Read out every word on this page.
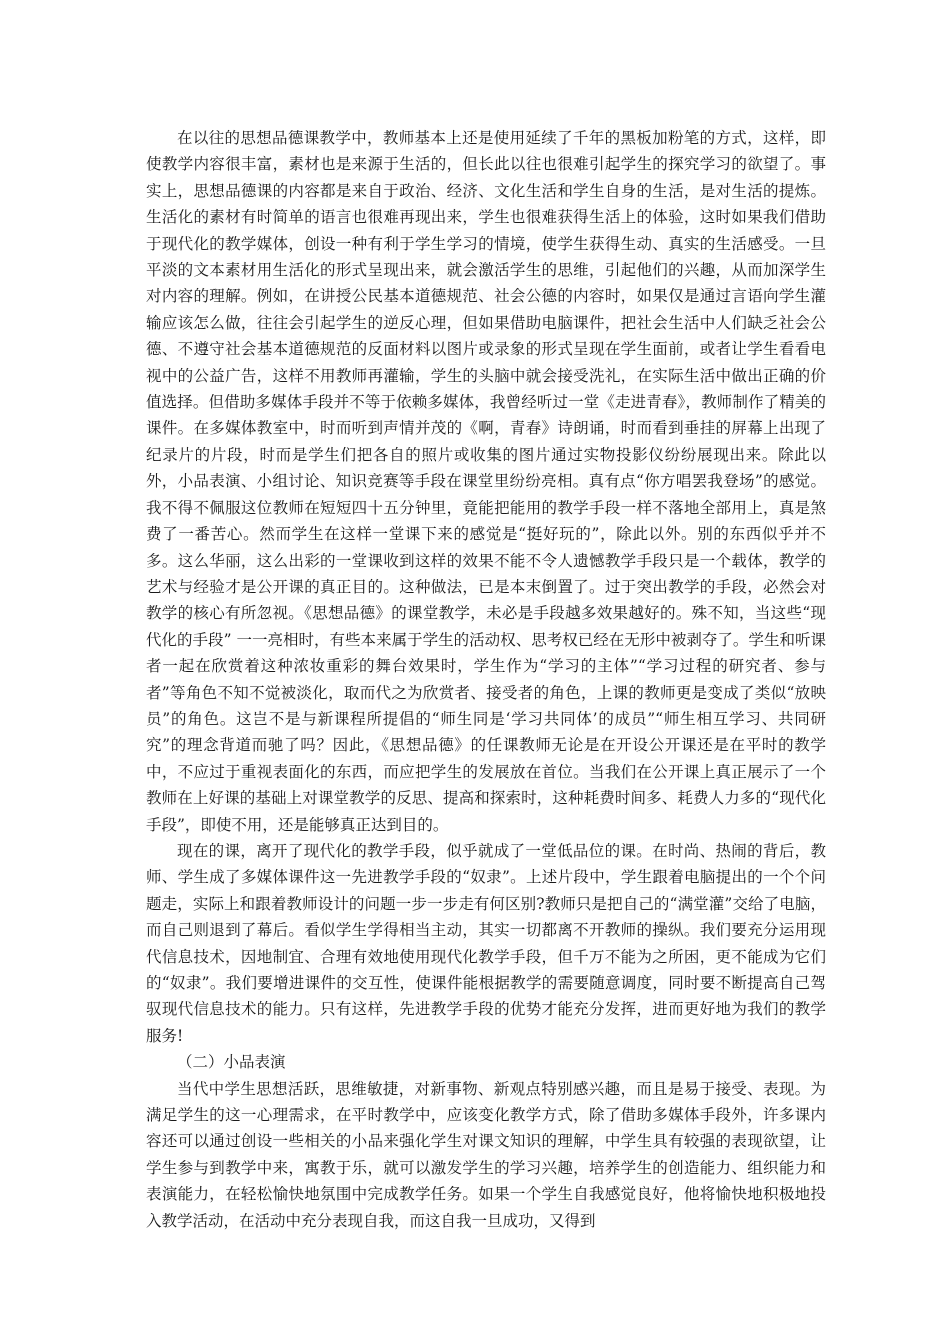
在以往的思想品德课教学中，教师基本上还是使用延续了千年的黑板加粉笔的方式，这样，即使教学内容很丰富，素材也是来源于生活的，但长此以往也很难引起学生的探究学习的欲望了。事实上，思想品德课的内容都是来自于政治、经济、文化生活和学生自身的生活，是对生活的提炼。生活化的素材有时简单的语言也很难再现出来，学生也很难获得生活上的体验，这时如果我们借助于现代化的教学媒体，创设一种有利于学生学习的情境，使学生获得生动、真实的生活感受。一旦平淡的文本素材用生活化的形式呈现出来，就会激活学生的思维，引起他们的兴趣，从而加深学生对内容的理解。例如，在讲授公民基本道德规范、社会公德的内容时，如果仅是通过言语向学生灌输应该怎么做，往往会引起学生的逆反心理，但如果借助电脑课件，把社会生活中人们缺乏社会公德、不遵守社会基本道德规范的反面材料以图片或录象的形式呈现在学生面前，或者让学生看看电视中的公益广告，这样不用教师再灌输，学生的头脑中就会接受洗礼，在实际生活中做出正确的价值选择。但借助多媒体手段并不等于依赖多媒体，我曾经听过一堂《走进青春》，教师制作了精美的课件。在多媒体教室中，时而听到声情并茂的《啊，青春》诗朗诵，时而看到垂挂的屏幕上出现了纪录片的片段，时而是学生们把各自的照片或收集的图片通过实物投影仪纷纷展现出来。除此以外，小品表演、小组讨论、知识竞赛等手段在课堂里纷纷亮相。真有点“你方唱罢我登场”的感觉。我不得不佩服这位教师在短短四十五分钟里，竟能把能用的教学手段一样不落地全部用上，真是煞费了一番苦心。然而学生在这样一堂课下来的感觉是“挺好玩的”，除此以外。别的东西似乎并不多。这么华丽，这么出彩的一堂课收到这样的效果不能不令人遗憾教学手段只是一个载体，教学的艺术与经验才是公开课的真正目的。这种做法，已是本末倒置了。过于突出教学的手段，必然会对教学的核心有所忽视。《思想品德》的课堂教学，未必是手段越多效果越好的。殊不知，当这些“现代化的手段” 一一亮相时，有些本来属于学生的活动权、思考权已经在无形中被剥夺了。学生和听课者一起在欣赏着这种浓妆重彩的舞台效果时，学生作为“学习的主体”“学习过程的研究者、参与者”等角色不知不觉被淡化，取而代之为欣赏者、接受者的角色，上课的教师更是变成了类似“放映员”的角色。这岂不是与新课程所提倡的“师生同是‘学习共同体’的成员”“师生相互学习、共同研究”的理念背道而驰了吗？因此，《思想品德》的任课教师无论是在开设公开课还是在平时的教学中，不应过于重视表面化的东西，而应把学生的发展放在首位。当我们在公开课上真正展示了一个教师在上好课的基础上对课堂教学的反思、提高和探索时，这种耗费时间多、耗费人力多的“现代化手段”，即使不用，还是能够真正达到目的。

现在的课，离开了现代化的教学手段，似乎就成了一堂低品位的课。在时尚、热闹的背后，教师、学生成了多媒体课件这一先进教学手段的“奴隶”。上述片段中，学生跟着电脑提出的一个个问题走，实际上和跟着教师设计的问题一步一步走有何区别?教师只是把自己的“满堂灌”交给了电脑，而自己则退到了幕后。看似学生学得相当主动，其实一切都离不开教师的操纵。我们要充分运用现代信息技术，因地制宜、合理有效地使用现代化教学手段，但千万不能为之所困，更不能成为它们的“奴隶”。我们要增进课件的交互性，使课件能根据教学的需要随意调度，同时要不断提高自己驾驭现代信息技术的能力。只有这样，先进教学手段的优势才能充分发挥，进而更好地为我们的教学服务!

（二）小品表演

当代中学生思想活跃，思维敏捷，对新事物、新观点特别感兴趣，而且是易于接受、表现。为满足学生的这一心理需求，在平时教学中，应该变化教学方式，除了借助多媒体手段外，许多课内容还可以通过创设一些相关的小品来强化学生对课文知识的理解，中学生具有较强的表现欲望，让学生参与到教学中来，寓教于乐，就可以激发学生的学习兴趣，培养学生的创造能力、组织能力和表演能力，在轻松愉快地氛围中完成教学任务。如果一个学生自我感觉良好，他将愉快地积极地投入教学活动，在活动中充分表现自我，而这自我一旦成功，又得到
